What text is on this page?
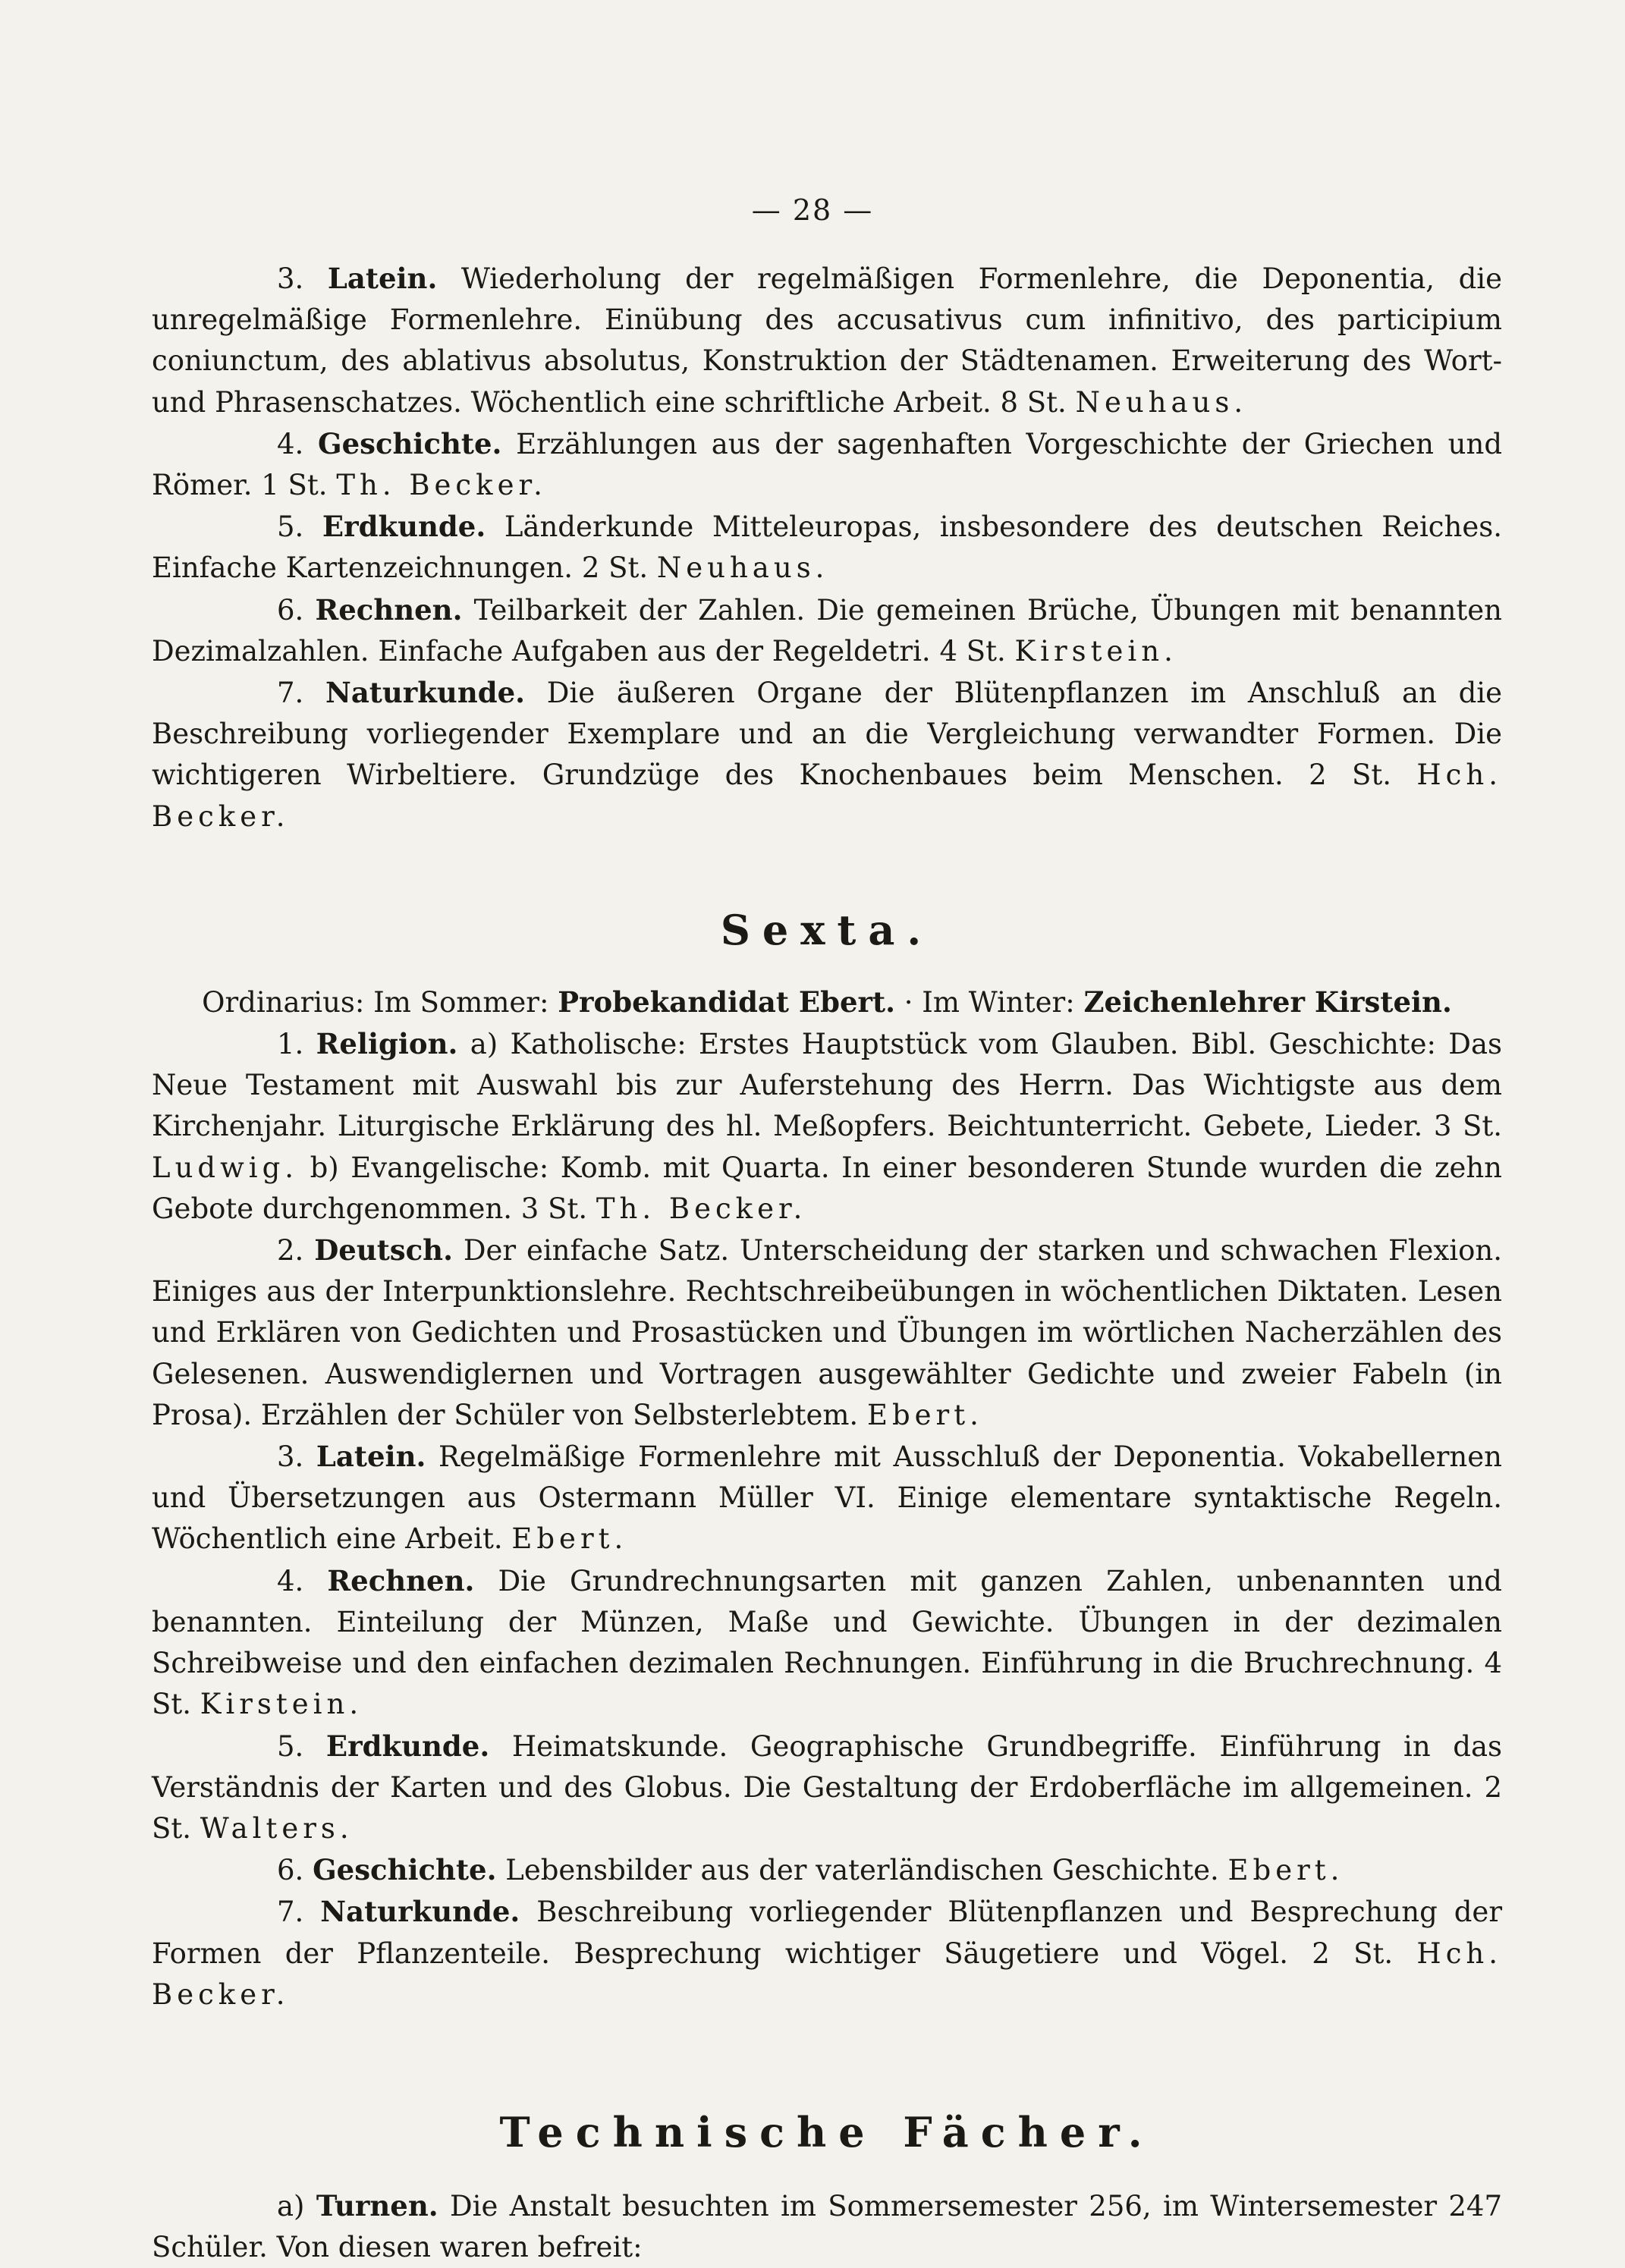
— 28 —

3. Latein. Wiederholung der regelmäßigen Formenlehre, die Deponentia, die unregelmäßige Formenlehre. Einübung des accusativus cum infinitivo, des participium coniunctum, des ablativus absolutus, Konstruktion der Städtenamen. Erweiterung des Wort- und Phrasenschatzes. Wöchentlich eine schriftliche Arbeit. 8 St. Neuhaus.

4. Geschichte. Erzählungen aus der sagenhaften Vorgeschichte der Griechen und Römer. 1 St. Th. Becker.

5. Erdkunde. Länderkunde Mitteleuropas, insbesondere des deutschen Reiches. Einfache Kartenzeichnungen. 2 St. Neuhaus.

6. Rechnen. Teilbarkeit der Zahlen. Die gemeinen Brüche, Übungen mit benannten Dezimalzahlen. Einfache Aufgaben aus der Regeldetri. 4 St. Kirstein.

7. Naturkunde. Die äußeren Organe der Blütenpflanzen im Anschluß an die Beschreibung vorliegender Exemplare und an die Vergleichung verwandter Formen. Die wichtigeren Wirbeltiere. Grundzüge des Knochenbaues beim Menschen. 2 St. Hch. Becker.

Sexta.

Ordinarius: Im Sommer: Probekandidat Ebert. · Im Winter: Zeichenlehrer Kirstein.

1. Religion. a) Katholische: Erstes Hauptstück vom Glauben. Bibl. Geschichte: Das Neue Testament mit Auswahl bis zur Auferstehung des Herrn. Das Wichtigste aus dem Kirchenjahr. Liturgische Erklärung des hl. Meßopfers. Beichtunterricht. Gebete, Lieder. 3 St. Ludwig. b) Evangelische: Komb. mit Quarta. In einer besonderen Stunde wurden die zehn Gebote durchgenommen. 3 St. Th. Becker.

2. Deutsch. Der einfache Satz. Unterscheidung der starken und schwachen Flexion. Einiges aus der Interpunktionslehre. Rechtschreibeübungen in wöchentlichen Diktaten. Lesen und Erklären von Gedichten und Prosastücken und Übungen im wörtlichen Nacherzählen des Gelesenen. Auswendiglernen und Vortragen ausgewählter Gedichte und zweier Fabeln (in Prosa). Erzählen der Schüler von Selbsterlebtem. Ebert.

3. Latein. Regelmäßige Formenlehre mit Ausschluß der Deponentia. Vokabellernen und Übersetzungen aus Ostermann Müller VI. Einige elementare syntaktische Regeln. Wöchentlich eine Arbeit. Ebert.

4. Rechnen. Die Grundrechnungsarten mit ganzen Zahlen, unbenannten und benannten. Einteilung der Münzen, Maße und Gewichte. Übungen in der dezimalen Schreibweise und den einfachen dezimalen Rechnungen. Einführung in die Bruchrechnung. 4 St. Kirstein.

5. Erdkunde. Heimatskunde. Geographische Grundbegriffe. Einführung in das Verständnis der Karten und des Globus. Die Gestaltung der Erdoberfläche im allgemeinen. 2 St. Walters.

6. Geschichte. Lebensbilder aus der vaterländischen Geschichte. Ebert.

7. Naturkunde. Beschreibung vorliegender Blütenpflanzen und Besprechung der Formen der Pflanzenteile. Besprechung wichtiger Säugetiere und Vögel. 2 St. Hch. Becker.

Technische Fächer.

a) Turnen. Die Anstalt besuchten im Sommersemester 256, im Wintersemester 247 Schüler. Von diesen waren befreit:
